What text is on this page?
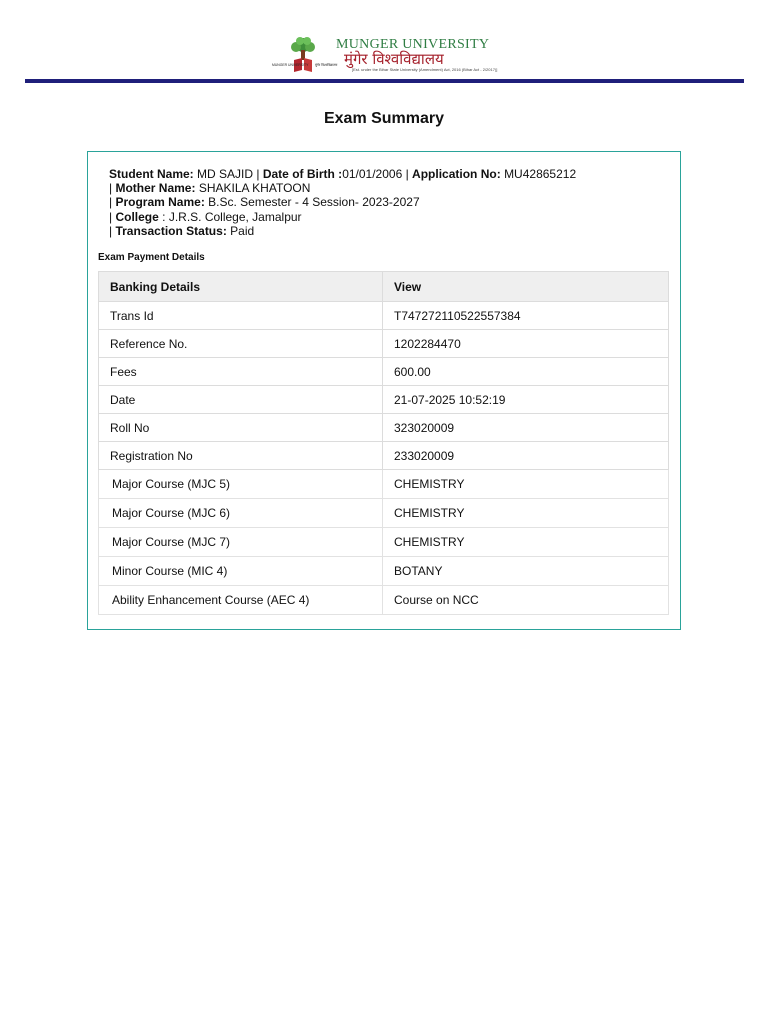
MUNGER UNIVERSITY मुंगेर विश्वविद्यालय
MUNGER UNIVERSITY
मुंगेर विश्वविद्यालय
[Est. under the Bihar State University (Amendment) Act, 2016 (Bihar Act - 2/2017)]
Exam Summary
Student Name: MD SAJID | Date of Birth :01/01/2006 | Application No: MU42865212
| Mother Name: SHAKILA KHATOON
| Program Name: B.Sc. Semester - 4 Session- 2023-2027
| College : J.R.S. College, Jamalpur
| Transaction Status: Paid
Exam Payment Details
Banking Details	View
Trans Id	T747272110522557384
Reference No.	1202284470
Fees	600.00
Date	21-07-2025 10:52:19
Roll No	323020009
Registration No	233020009
Major Course (MJC 5)	CHEMISTRY
Major Course (MJC 6)	CHEMISTRY
Major Course (MJC 7)	CHEMISTRY
Minor Course (MIC 4)	BOTANY
Ability Enhancement Course (AEC 4)	Course on NCC
